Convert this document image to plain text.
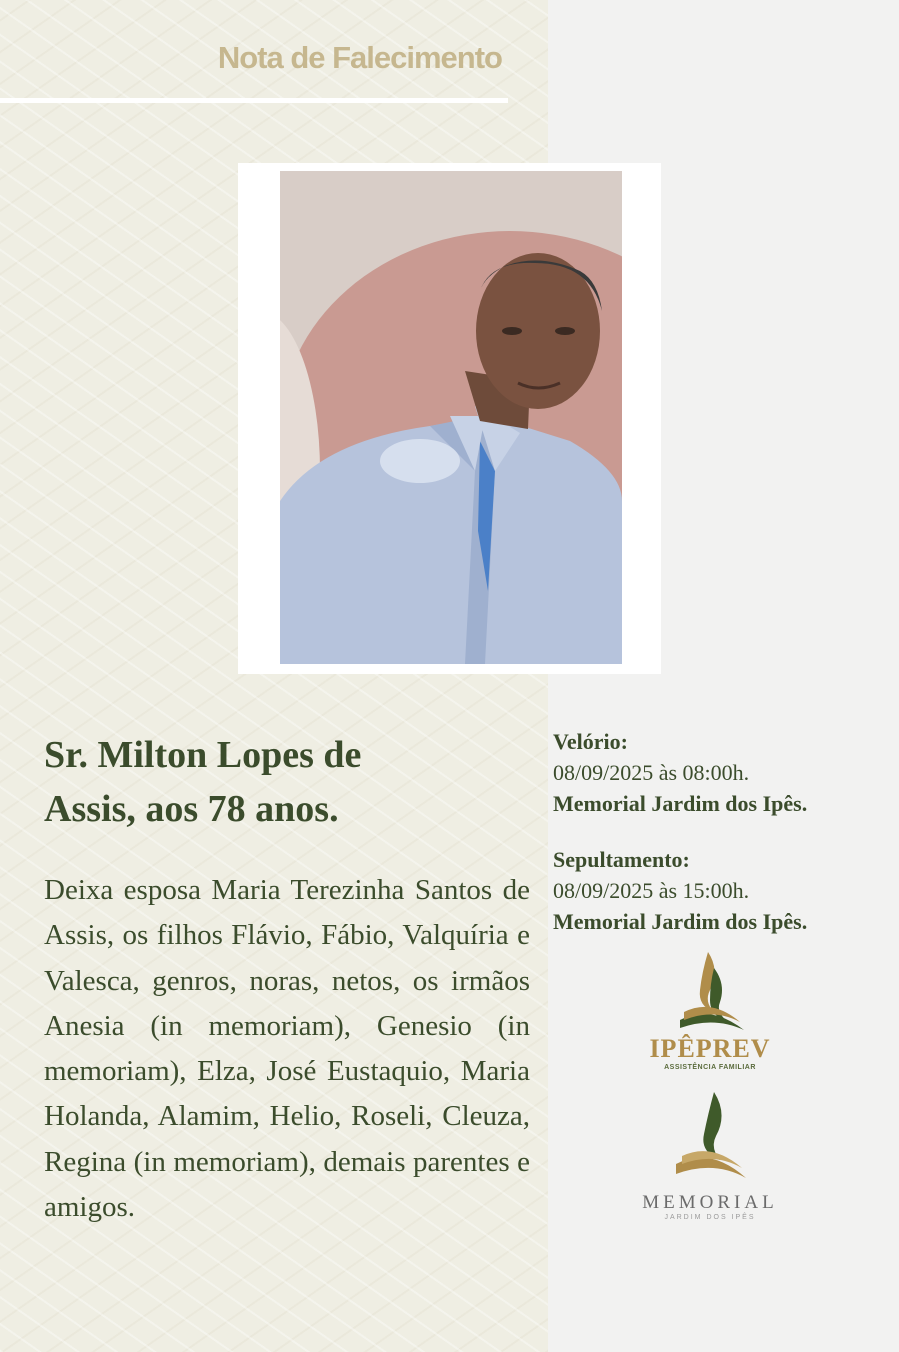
Nota de Falecimento
Sr. Milton Lopes de
Assis, aos 78 anos.
Deixa esposa Maria Terezinha Santos de Assis, os filhos Flávio, Fábio, Valquíria e Valesca, genros, noras, netos, os irmãos Anesia (in memoriam), Genesio (in memoriam), Elza, José Eustaquio, Maria Holanda, Alamim, Helio, Roseli, Cleuza, Regina (in memoriam), demais parentes e amigos.
Velório:
08/09/2025 às 08:00h.
Memorial Jardim dos Ipês.
Sepultamento:
08/09/2025 às 15:00h.
Memorial Jardim dos Ipês.
IPÊPREV
ASSISTÊNCIA FAMILIAR
MEMORIAL
JARDIM DOS IPÊS
